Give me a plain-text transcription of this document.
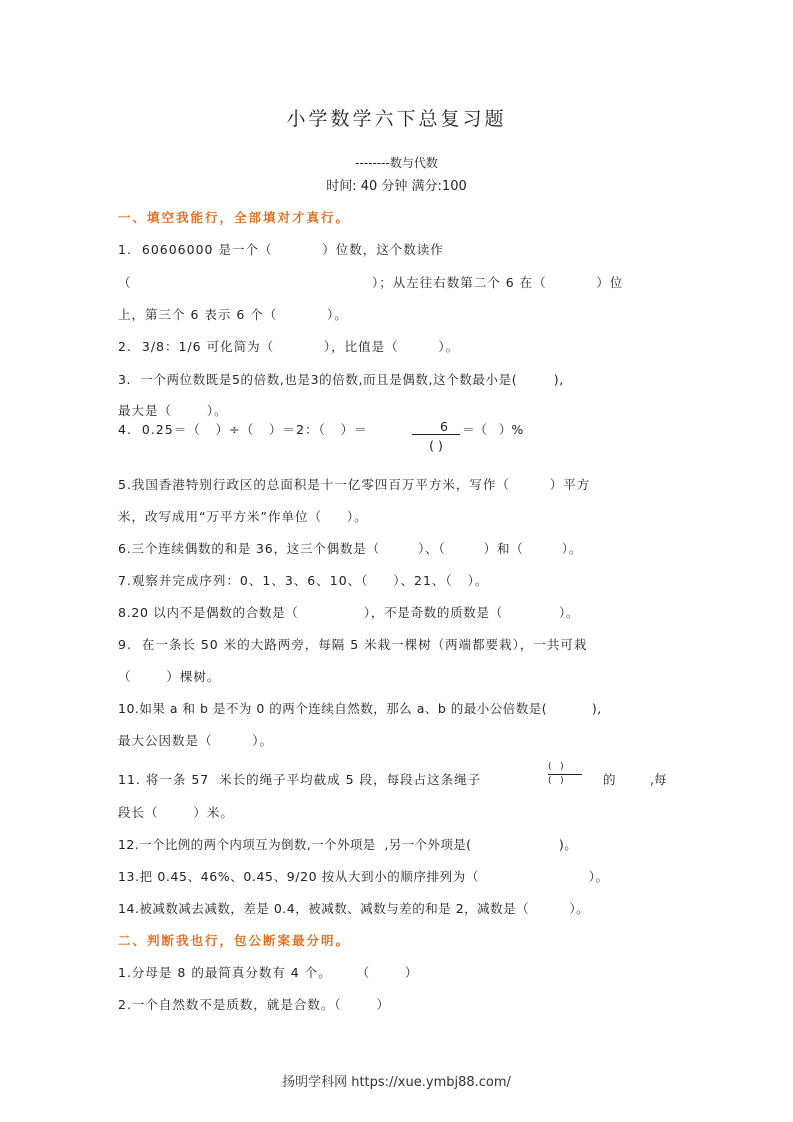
小学数学六下总复习题
--------数与代数
时间: 40 分钟 满分:100
一、填空我能行，全部填对才真行。
1.  60606000 是一个（          ）位数，这个数读作
（	）；从左往右数第二个 6 在（          ）位
上，第三个 6 表示 6 个（          ）。
2.  3/8：1/6 可化简为（          ），比值是（        ）。
3.  一个两位数既是5的倍数,也是3的倍数,而且是偶数,这个数最小是(        ),
最大是（       ）。
4.  0.25＝（   ）÷（   ）＝2：（   ）＝	6
( )
＝（   ）%
5.我国香港特别行政区的总面积是十一亿零四百万平方米，写作（        ）平方
米，改写成用“万平方米”作单位（     ）。
6.三个连续偶数的和是 36，这三个偶数是（        ）、（        ）和（        ）。
7.观察并完成序列：0、1、3、6、10、（     ）、21、（   ）。
8.20 以内不是偶数的合数是（              ），不是奇数的质数是（            ）。
9.  在一条长 50 米的大路两旁，每隔 5 米栽一棵树（两端都要栽），一共可栽
（       ）棵树。
10.如果 a 和 b 是不为 0 的两个连续自然数，那么 a、b 的最小公倍数是(          ),
最大公因数是（        ）。
11. 将一条 57  米长的绳子平均截成 5 段，每段占这条绳子
(   )
(   )	的	,每
段长（       ）米。
12.一个比例的两个内项互为倒数,一个外项是  ,另一个外项是(                    )。
13.把 0.45、46%、0.45、9/20 按从大到小的顺序排列为（                        ）。
14.被减数减去减数，差是 0.4，被减数、减数与差的和是 2，减数是（         ）。
二、判断我也行，包公断案最分明。
1.分母是 8 的最简真分数有 4 个。     （       ）
2.一个自然数不是质数，就是合数。（       ）
扬明学科网 https://xue.ymbj88.com/
